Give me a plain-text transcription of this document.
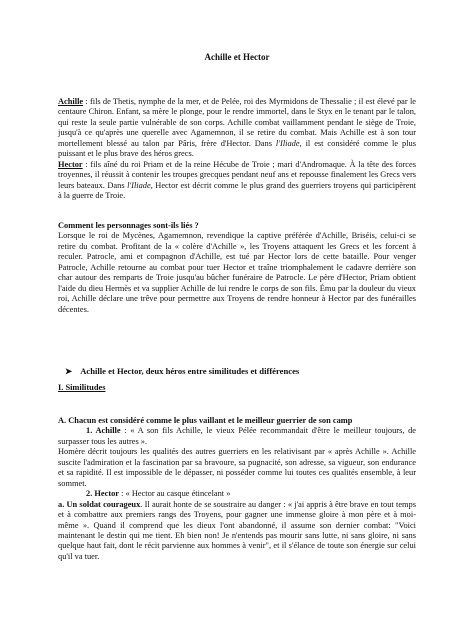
Achille et Hector

Achille : fils de Thetis, nymphe de la mer, et de Pelée, roi des Myrmidons de Thessalie ; il est élevé par le centaure Chiron. Enfant, sa mère le plonge, pour le rendre immortel, dans le Styx en le tenant par le talon, qui reste la seule partie vulnérable de son corps. Achille combat vaillamment pendant le siège de Troie, jusqu'à ce qu'après une querelle avec Agamemnon, il se retire du combat. Mais Achille est à son tour mortellement blessé au talon par Pâris, frère d'Hector. Dans l'Iliade, il est considéré comme le plus puissant et le plus brave des héros grecs.
Hector : fils aîné du roi Priam et de la reine Hécube de Troie ; mari d'Andromaque. À la tête des forces troyennes, il réussit à contenir les troupes grecques pendant neuf ans et repousse finalement les Grecs vers leurs bateaux. Dans l'Iliade, Hector est décrit comme le plus grand des guerriers troyens qui participèrent à la guerre de Troie.

Comment les personnages sont-ils liés ?
Lorsque le roi de Mycènes, Agamemnon, revendique la captive préférée d'Achille, Briséis, celui-ci se retire du combat. Profitant de la « colère d'Achille », les Troyens attaquent les Grecs et les forcent à reculer. Patrocle, ami et compagnon d'Achille, est tué par Hector lors de cette bataille. Pour venger Patrocle, Achille retourne au combat pour tuer Hector et traîne triomphalement le cadavre derrière son char autour des remparts de Troie jusqu'au bûcher funéraire de Patrocle. Le père d'Hector, Priam obtient l'aide du dieu Hermès et va supplier Achille de lui rendre le corps de son fils. Ému par la douleur du vieux roi, Achille déclare une trêve pour permettre aux Troyens de rendre honneur à Hector par des funérailles décentes.

➤ Achille et Hector, deux héros entre similitudes et différences

I. Similitudes

A. Chacun est considéré comme le plus vaillant et le meilleur guerrier de son camp
1. Achille : « A son fils Achille, le vieux Pélée recommandait d'être le meilleur toujours, de surpasser tous les autres ».
Homère décrit toujours les qualités des autres guerriers en les relativisant par « après Achille ». Achille suscite l'admiration et la fascination par sa bravoure, sa pugnacité, son adresse, sa vigueur, son endurance et sa rapidité. Il est impossible de le dépasser, ni posséder comme lui toutes ces qualités ensemble, à leur sommet.
2. Hector : « Hector au casque étincelant »
a. Un soldat courageux. Il aurait honte de se soustraire au danger : « j'ai appris à être brave en tout temps et à combattre aux premiers rangs des Troyens, pour gagner une immense gloire à mon père et à moi-même ». Quand il comprend que les dieux l'ont abandonné, il assume son dernier combat: "Voici maintenant le destin qui me tient. Eh bien non! Je n'entends pas mourir sans lutte, ni sans gloire, ni sans quelque haut fait, dont le récit parvienne aux hommes à venir", et il s'élance de toute son énergie sur celui qu'il va tuer.
